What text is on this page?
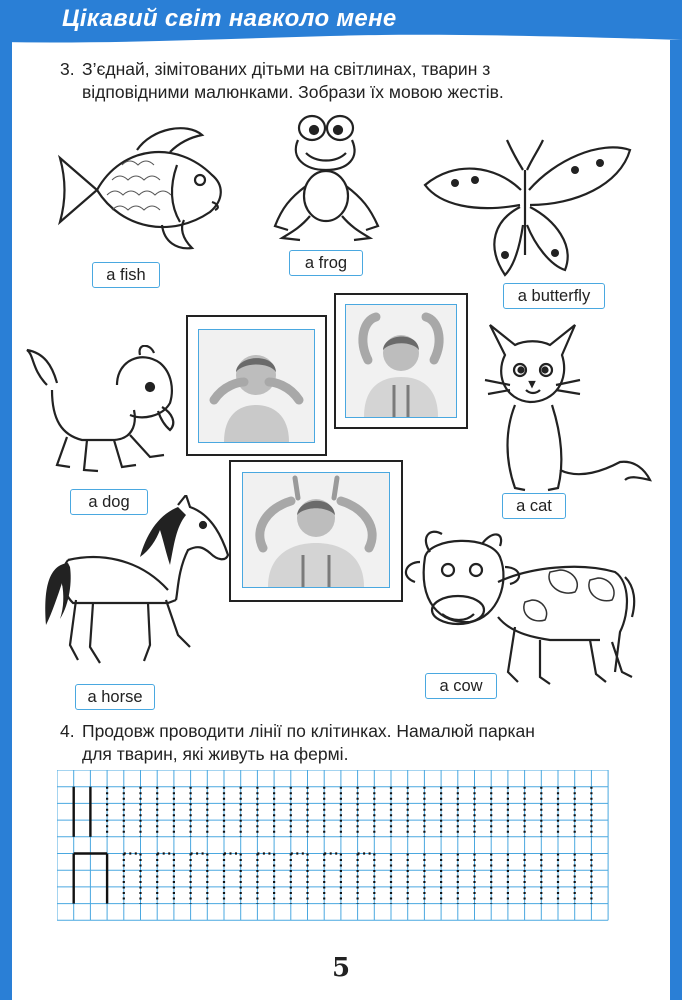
Цікавий світ навколо мене
3. З’єднай, зімітованих дітьми на світлинах, тварин з
відповідними малюнками. Зобрази їх мовою жестів.
a fish
a frog
a butterfly
a dog	a cat
a horse
a cow
4. Продовж проводити лінії по клітинках. Намалюй паркан
для тварин, які живуть на фермі.
5
